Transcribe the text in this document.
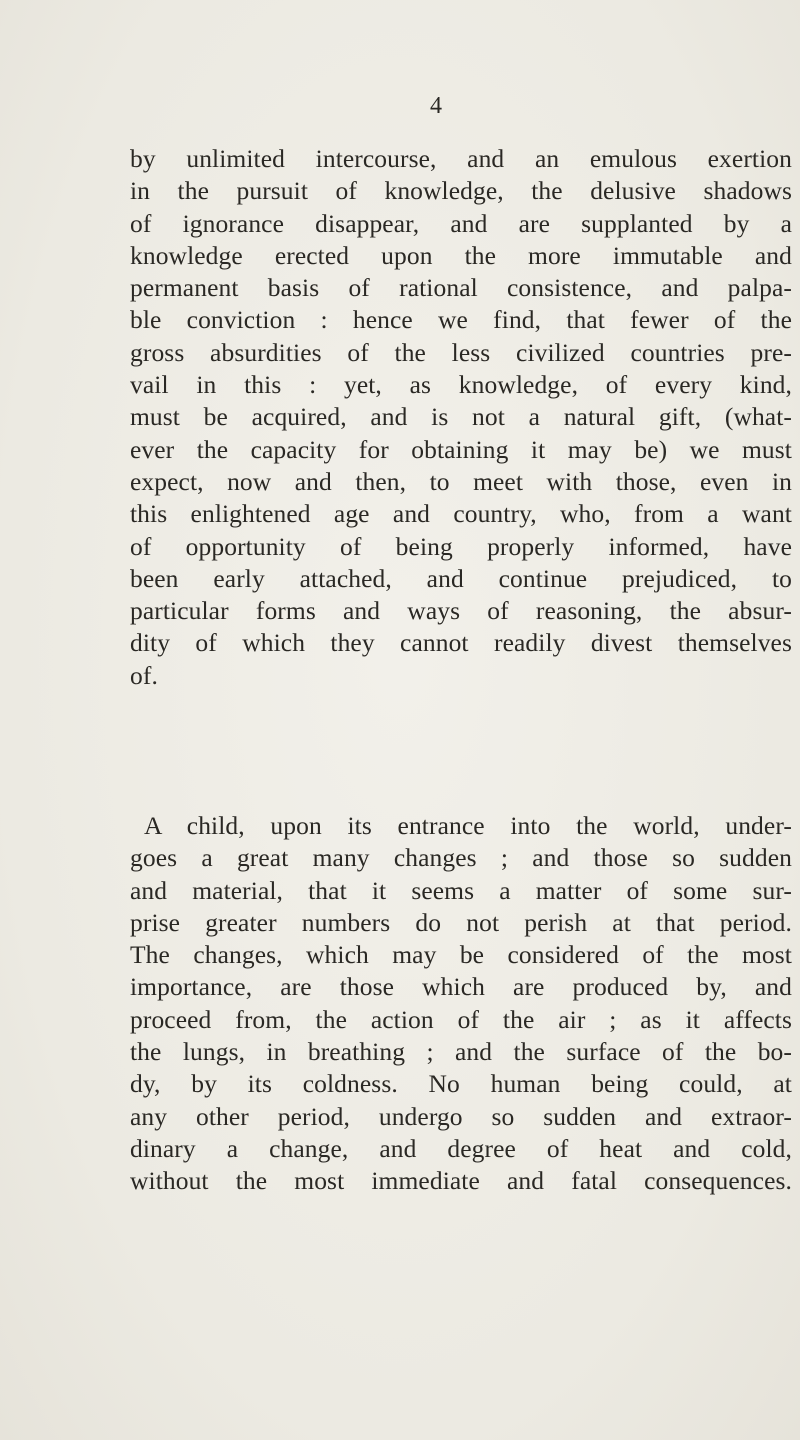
4
by unlimited intercourse, and an emulous exertion
in the pursuit of knowledge, the delusive shadows
of ignorance disappear, and are supplanted by a
knowledge erected upon the more immutable and
permanent basis of rational consistence, and palpa-
ble conviction : hence we find, that fewer of the
gross absurdities of the less civilized countries pre-
vail in this : yet, as knowledge, of every kind,
must be acquired, and is not a natural gift, (what-
ever the capacity for obtaining it may be) we must
expect, now and then, to meet with those, even in
this enlightened age and country, who, from a want
of opportunity of being properly informed, have
been early attached, and continue prejudiced, to
particular forms and ways of reasoning, the absur-
dity of which they cannot readily divest themselves
of.
A child, upon its entrance into the world, under-
goes a great many changes ; and those so sudden
and material, that it seems a matter of some sur-
prise greater numbers do not perish at that period.
The changes, which may be considered of the most
importance, are those which are produced by, and
proceed from, the action of the air ; as it affects
the lungs, in breathing ; and the surface of the bo-
dy, by its coldness. No human being could, at
any other period, undergo so sudden and extraor-
dinary a change, and degree of heat and cold,
without the most immediate and fatal consequences.
